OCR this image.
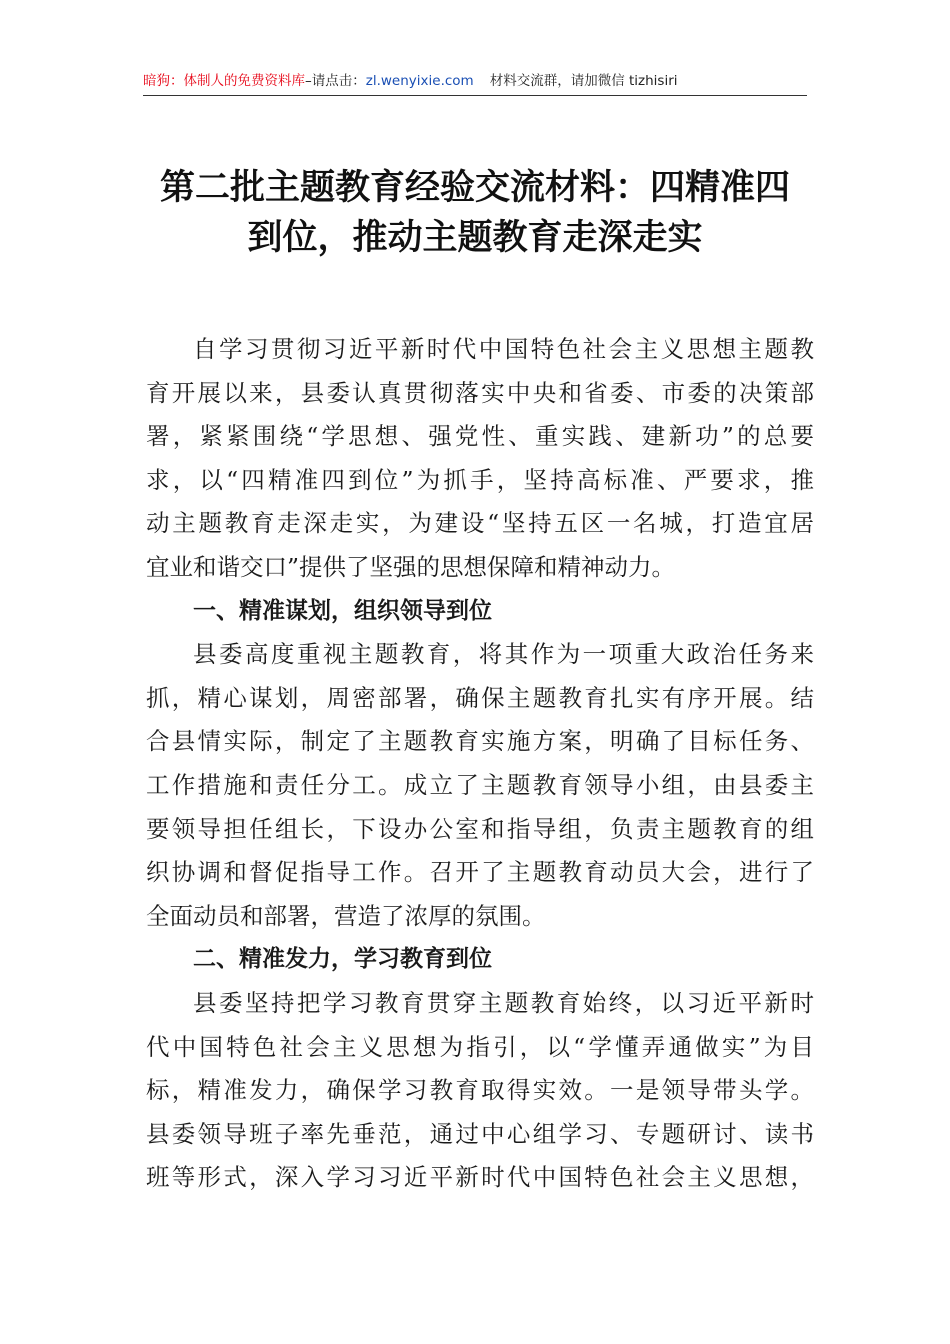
暗狗：体制人的免费资料库–请点击：zl.wenyixie.com 材料交流群，请加微信 tizhisiri
第二批主题教育经验交流材料：四精准四
到位，推动主题教育走深走实
自学习贯彻习近平新时代中国特色社会主义思想主题教
育开展以来，县委认真贯彻落实中央和省委、市委的决策部
署，紧紧围绕“学思想、强党性、重实践、建新功”的总要
求，以“四精准四到位”为抓手，坚持高标准、严要求，推
动主题教育走深走实，为建设“坚持五区一名城，打造宜居
宜业和谐交口”提供了坚强的思想保障和精神动力。
一、精准谋划，组织领导到位
县委高度重视主题教育，将其作为一项重大政治任务来
抓，精心谋划，周密部署，确保主题教育扎实有序开展。结
合县情实际，制定了主题教育实施方案，明确了目标任务、
工作措施和责任分工。成立了主题教育领导小组，由县委主
要领导担任组长，下设办公室和指导组，负责主题教育的组
织协调和督促指导工作。召开了主题教育动员大会，进行了
全面动员和部署，营造了浓厚的氛围。
二、精准发力，学习教育到位
县委坚持把学习教育贯穿主题教育始终，以习近平新时
代中国特色社会主义思想为指引，以“学懂弄通做实”为目
标，精准发力，确保学习教育取得实效。一是领导带头学。
县委领导班子率先垂范，通过中心组学习、专题研讨、读书
班等形式，深入学习习近平新时代中国特色社会主义思想，
